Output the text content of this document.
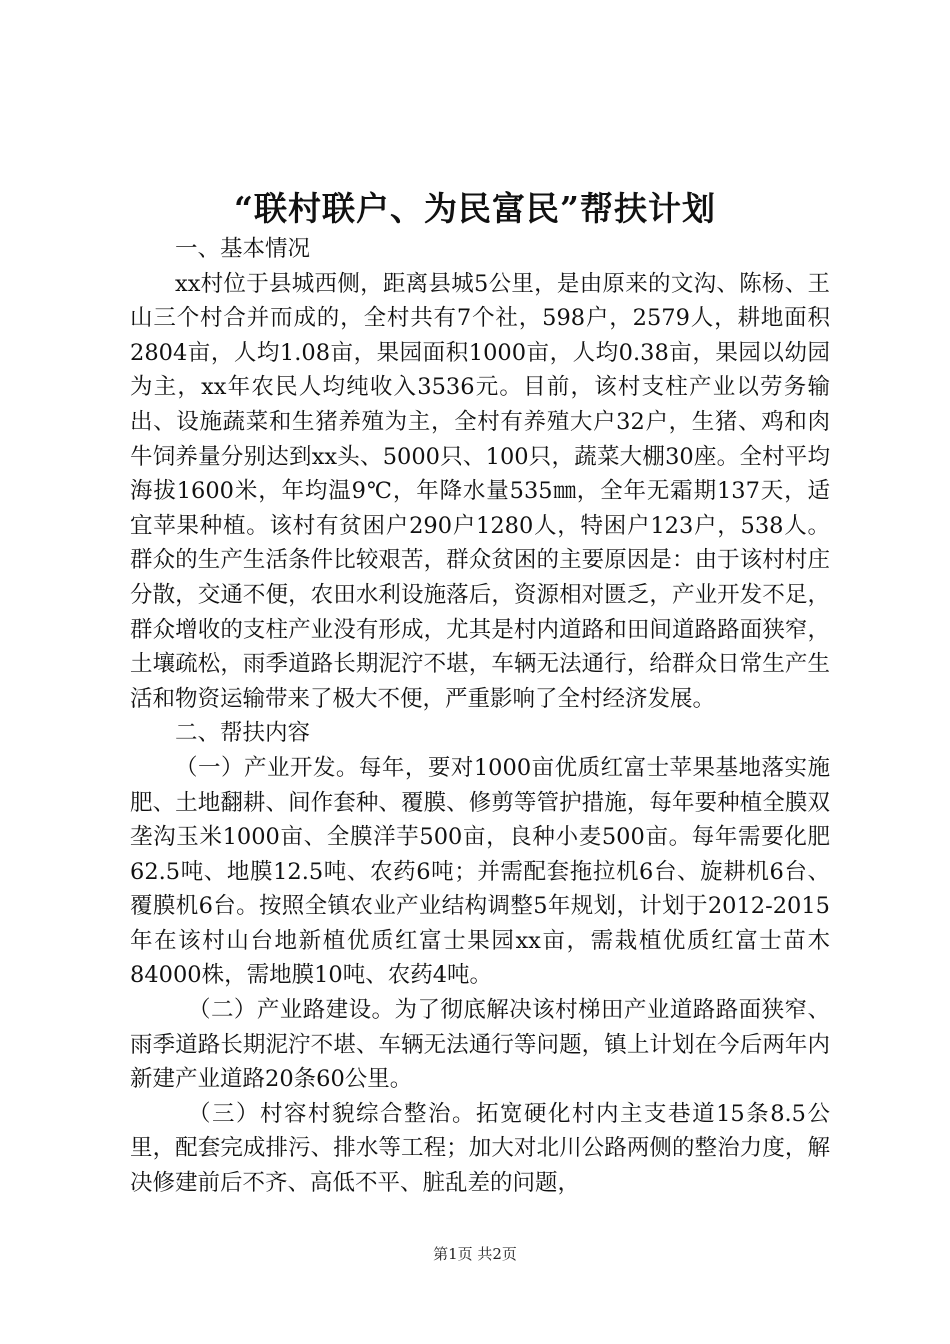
“联村联户、为民富民”帮扶计划

一、基本情况

xx村位于县城西侧，距离县城5公里，是由原来的文沟、陈杨、王山三个村合并而成的，全村共有7个社，598户，2579人，耕地面积2804亩，人均1.08亩，果园面积1000亩，人均0.38亩，果园以幼园为主，xx年农民人均纯收入3536元。目前，该村支柱产业以劳务输出、设施蔬菜和生猪养殖为主，全村有养殖大户32户，生猪、鸡和肉牛饲养量分别达到xx头、5000只、100只，蔬菜大棚30座。全村平均海拔1600米，年均温9℃，年降水量535㎜，全年无霜期137天，适宜苹果种植。该村有贫困户290户1280人，特困户123户，538人。群众的生产生活条件比较艰苦，群众贫困的主要原因是：由于该村村庄分散，交通不便，农田水利设施落后，资源相对匮乏，产业开发不足，群众增收的支柱产业没有形成，尤其是村内道路和田间道路路面狭窄，土壤疏松，雨季道路长期泥泞不堪，车辆无法通行，给群众日常生产生活和物资运输带来了极大不便，严重影响了全村经济发展。

二、帮扶内容

（一）产业开发。每年，要对1000亩优质红富士苹果基地落实施肥、土地翻耕、间作套种、覆膜、修剪等管护措施，每年要种植全膜双垄沟玉米1000亩、全膜洋芋500亩，良种小麦500亩。每年需要化肥62.5吨、地膜12.5吨、农药6吨；并需配套拖拉机6台、旋耕机6台、覆膜机6台。按照全镇农业产业结构调整5年规划，计划于2012-2015年在该村山台地新植优质红富士果园xx亩，需栽植优质红富士苗木84000株，需地膜10吨、农药4吨。

（二）产业路建设。为了彻底解决该村梯田产业道路路面狭窄、雨季道路长期泥泞不堪、车辆无法通行等问题，镇上计划在今后两年内新建产业道路20条60公里。

（三）村容村貌综合整治。拓宽硬化村内主支巷道15条8.5公里，配套完成排污、排水等工程；加大对北川公路两侧的整治力度，解决修建前后不齐、高低不平、脏乱差的问题，

第1页 共2页
